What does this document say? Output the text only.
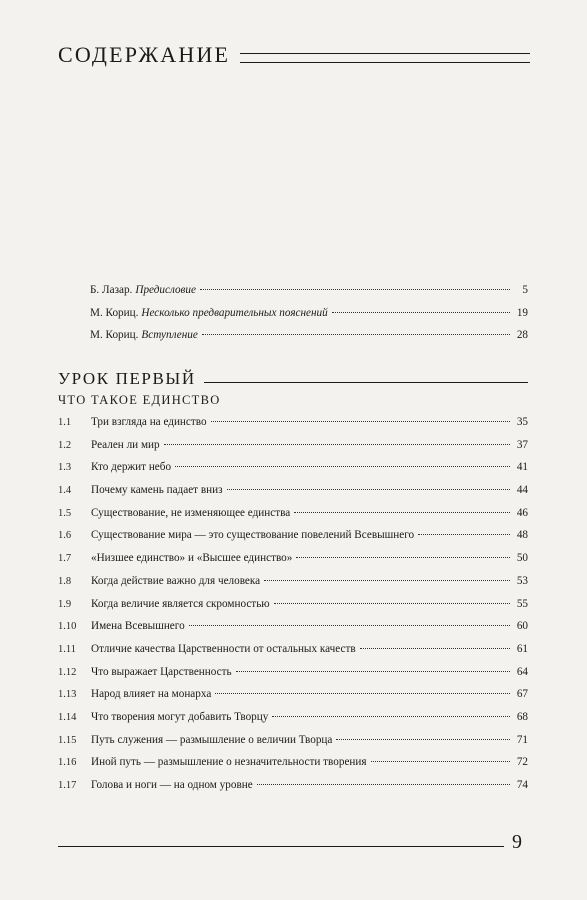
СОДЕРЖАНИЕ
Б. Лазар. Предисловие	5
М. Кориц. Несколько предварительных пояснений	19
М. Кориц. Вступление	28
УРОК ПЕРВЫЙ
ЧТО ТАКОЕ ЕДИНСТВО
1.1	Три взгляда на единство	35
1.2	Реален ли мир	37
1.3	Кто держит небо	41
1.4	Почему камень падает вниз	44
1.5	Существование, не изменяющее единства	46
1.6	Существование мира — это существование повелений Всевышнего	48
1.7	«Низшее единство» и «Высшее единство»	50
1.8	Когда действие важно для человека	53
1.9	Когда величие является скромностью	55
1.10	Имена Всевышнего	60
1.11	Отличие качества Царственности от остальных качеств	61
1.12	Что выражает Царственность	64
1.13	Народ влияет на монарха	67
1.14	Что творения могут добавить Творцу	68
1.15	Путь служения — размышление о величии Творца	71
1.16	Иной путь — размышление о незначительности творения	72
1.17	Голова и ноги — на одном уровне	74
9
